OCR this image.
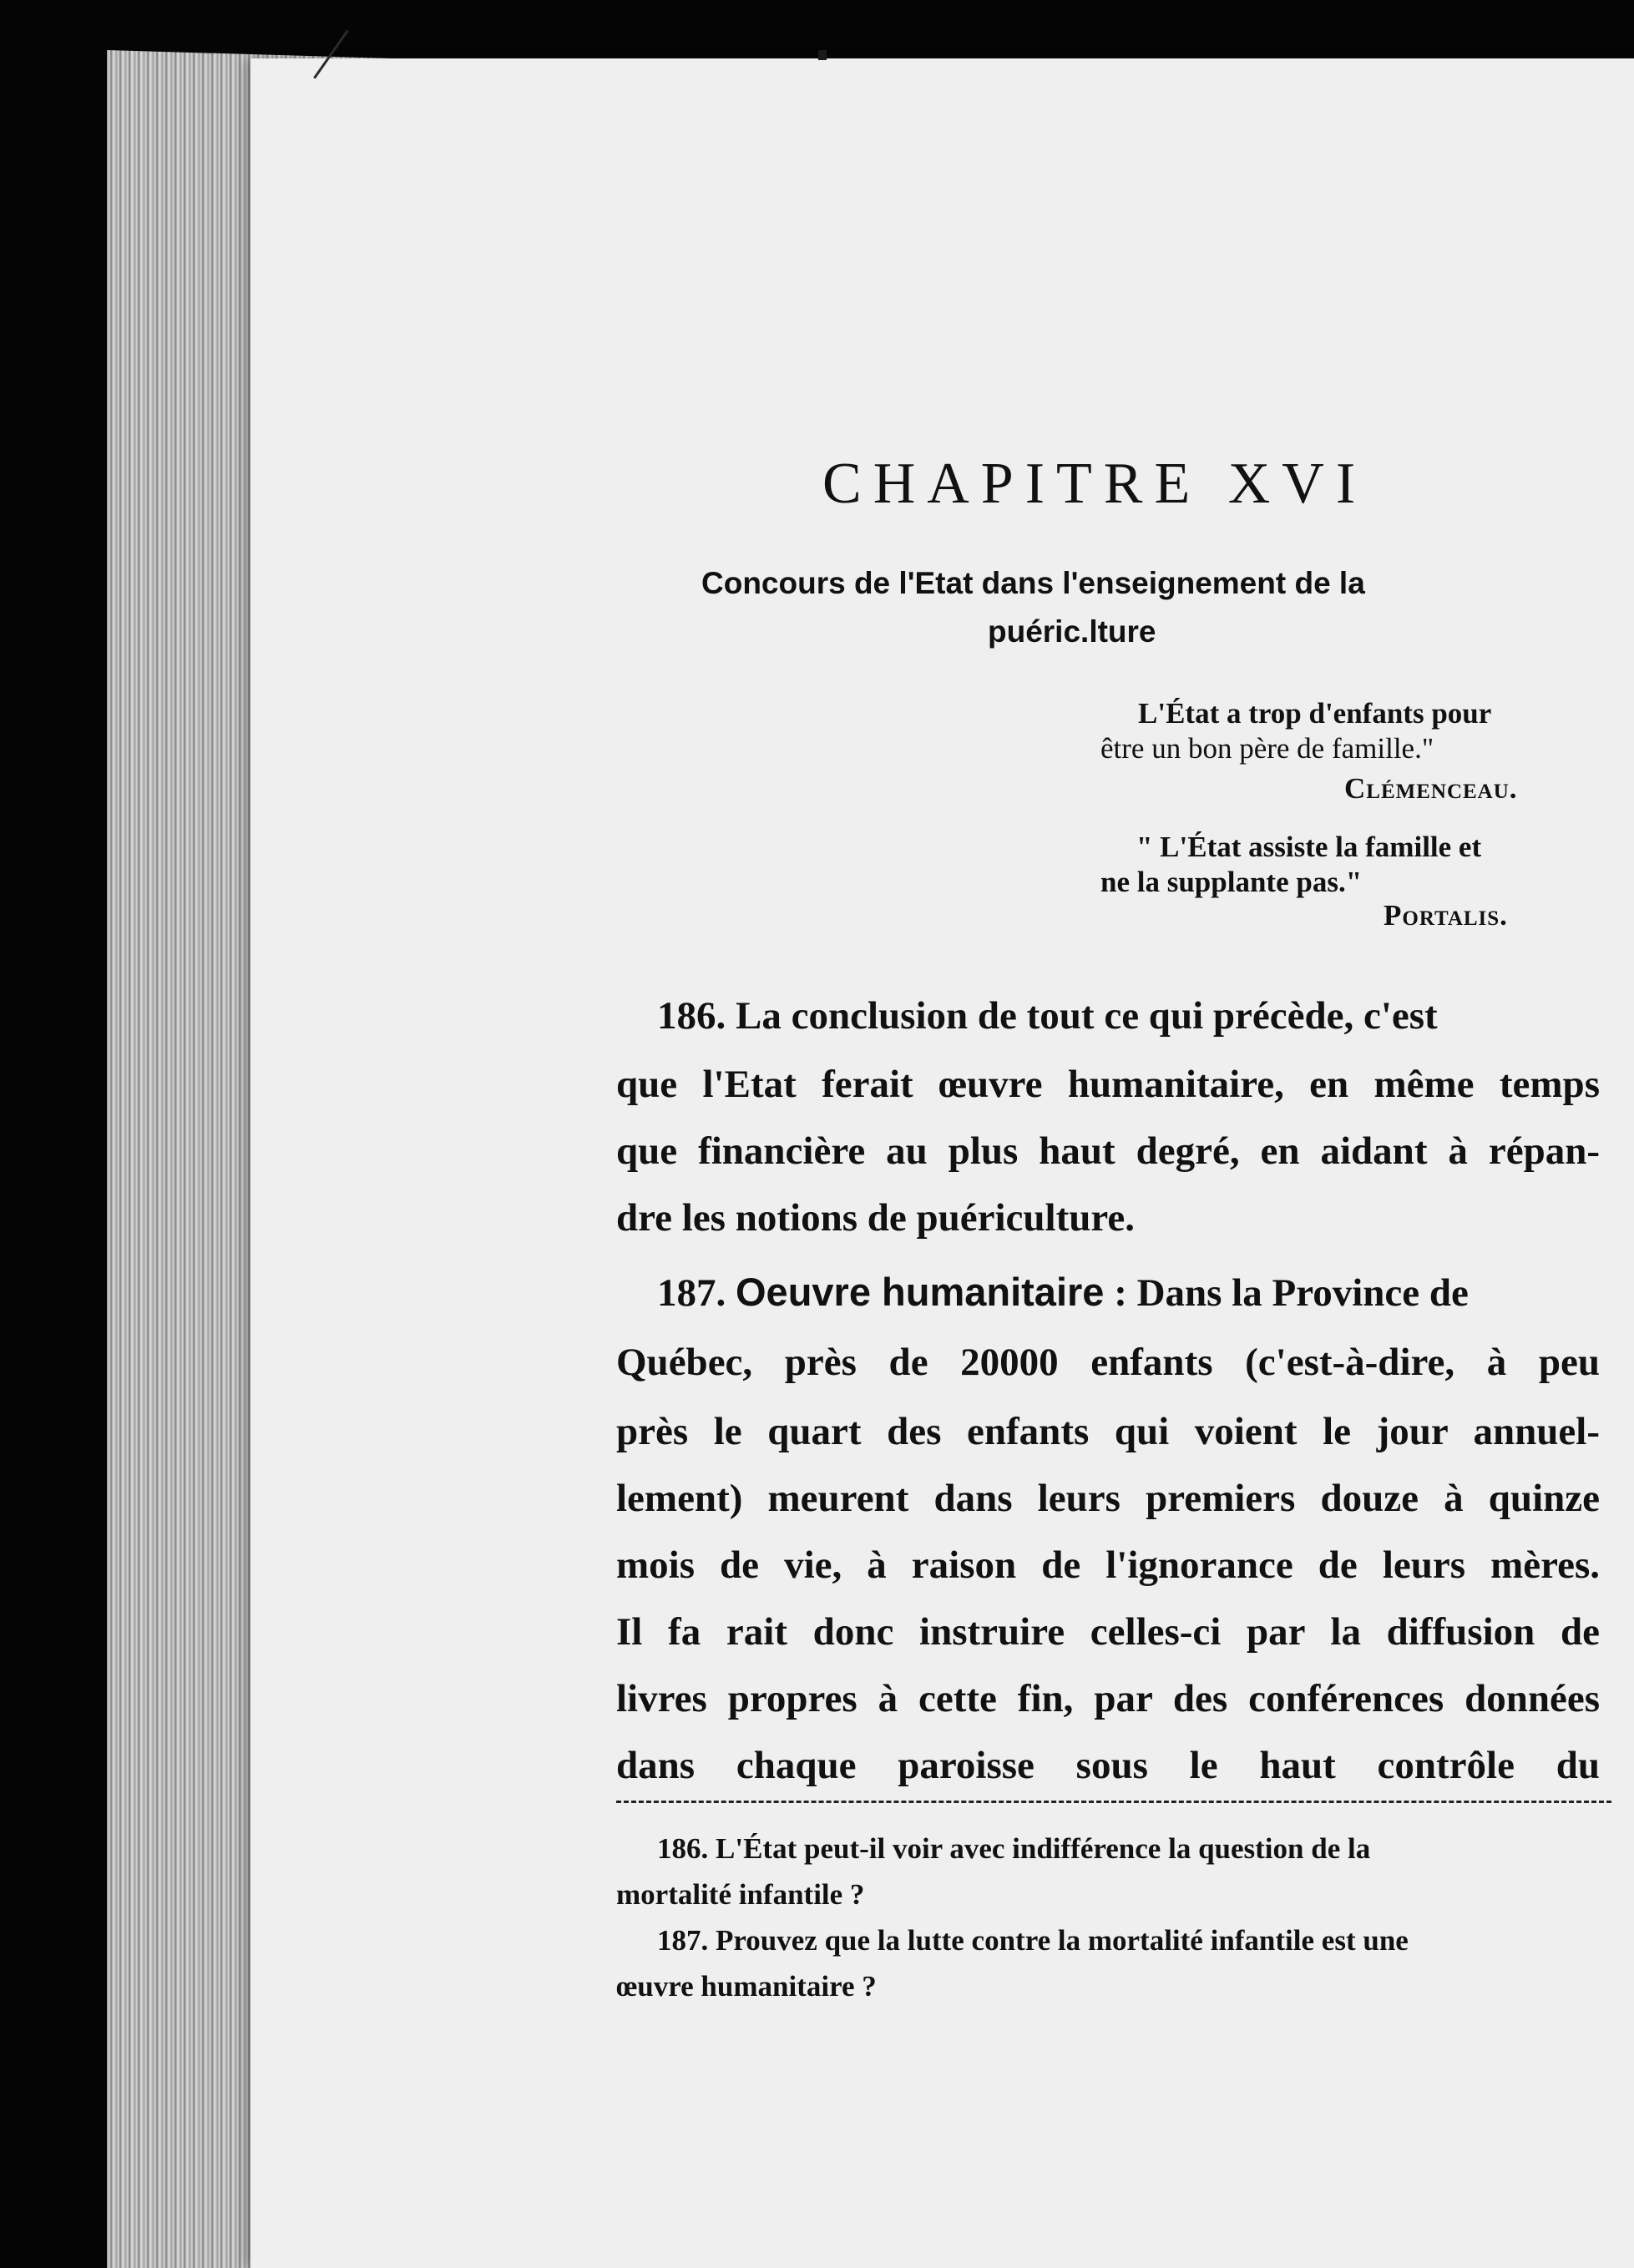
CHAPITRE XVI
Concours de l'Etat dans l'enseignement de la
puéric​.lture
L'État a trop d'enfants pour
être un bon père de famille."
Clémenceau.
" L'État assiste la famille et
ne la supplante pas."
Portalis.
186. La conclusion de tout ce qui précède, c'est
que l'Etat ferait œuvre humanitaire, en même temps
que financière au plus haut degré, en aidant à répan-
dre les notions de puériculture.
187. Oeuvre humanitaire : Dans la Province de
Québec, près de 20000 enfants (c'est-à-dire, à peu
près le quart des enfants qui voient le jour annuel-
lement) meurent dans leurs premiers douze à quinze
mois de vie, à raison de l'ignorance de leurs mères.
Il fa rait donc instruire celles-ci par la diffusion de
livres propres à cette fin, par des conférences données
dans chaque paroisse sous le haut contrôle du
186. L'État peut-il voir avec indifférence la question de la
mortalité infantile ?
187. Prouvez que la lutte contre la mortalité infantile est une
œuvre humanitaire ?
